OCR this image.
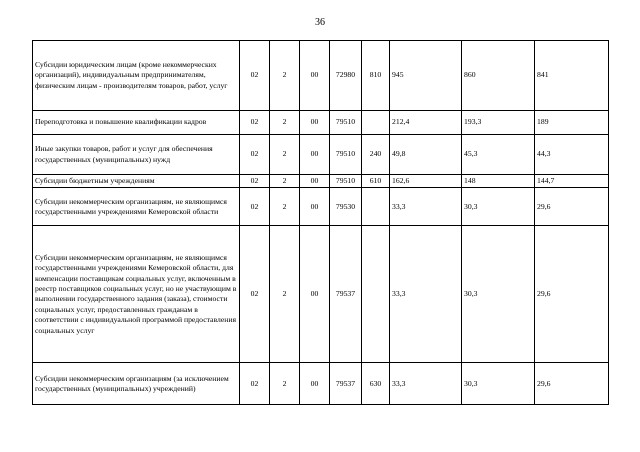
36
Субсидии юридическим лицам (кроме некоммерческих организаций), индивидуальным предпринимателям, физическим лицам - производителям товаров, работ, услуг	02	2	00	72980	810	945	860	841
Переподготовка и повышение квалификации кадров	02	2	00	79510		212,4	193,3	189
Иные закупки товаров, работ и услуг для обеспечения государственных (муниципальных) нужд	02	2	00	79510	240	49,8	45,3	44,3
Субсидии бюджетным учреждениям	02	2	00	79510	610	162,6	148	144,7
Субсидии некоммерческим организациям, не являющимся государственными учреждениями Кемеровской области	02	2	00	79530		33,3	30,3	29,6
Субсидии некоммерческим организациям, не являющимся государственными учреждениями Кемеровской области, для компенсации поставщикам социальных услуг, включенным в реестр поставщиков социальных услуг, но не участвующим в выполнении государственного задания (заказа), стоимости социальных услуг, предоставленных гражданам в соответствии с индивидуальной программой предоставления социальных услуг	02	2	00	79537		33,3	30,3	29,6
Субсидии некоммерческим организациям (за исключением государственных (муниципальных) учреждений)	02	2	00	79537	630	33,3	30,3	29,6
